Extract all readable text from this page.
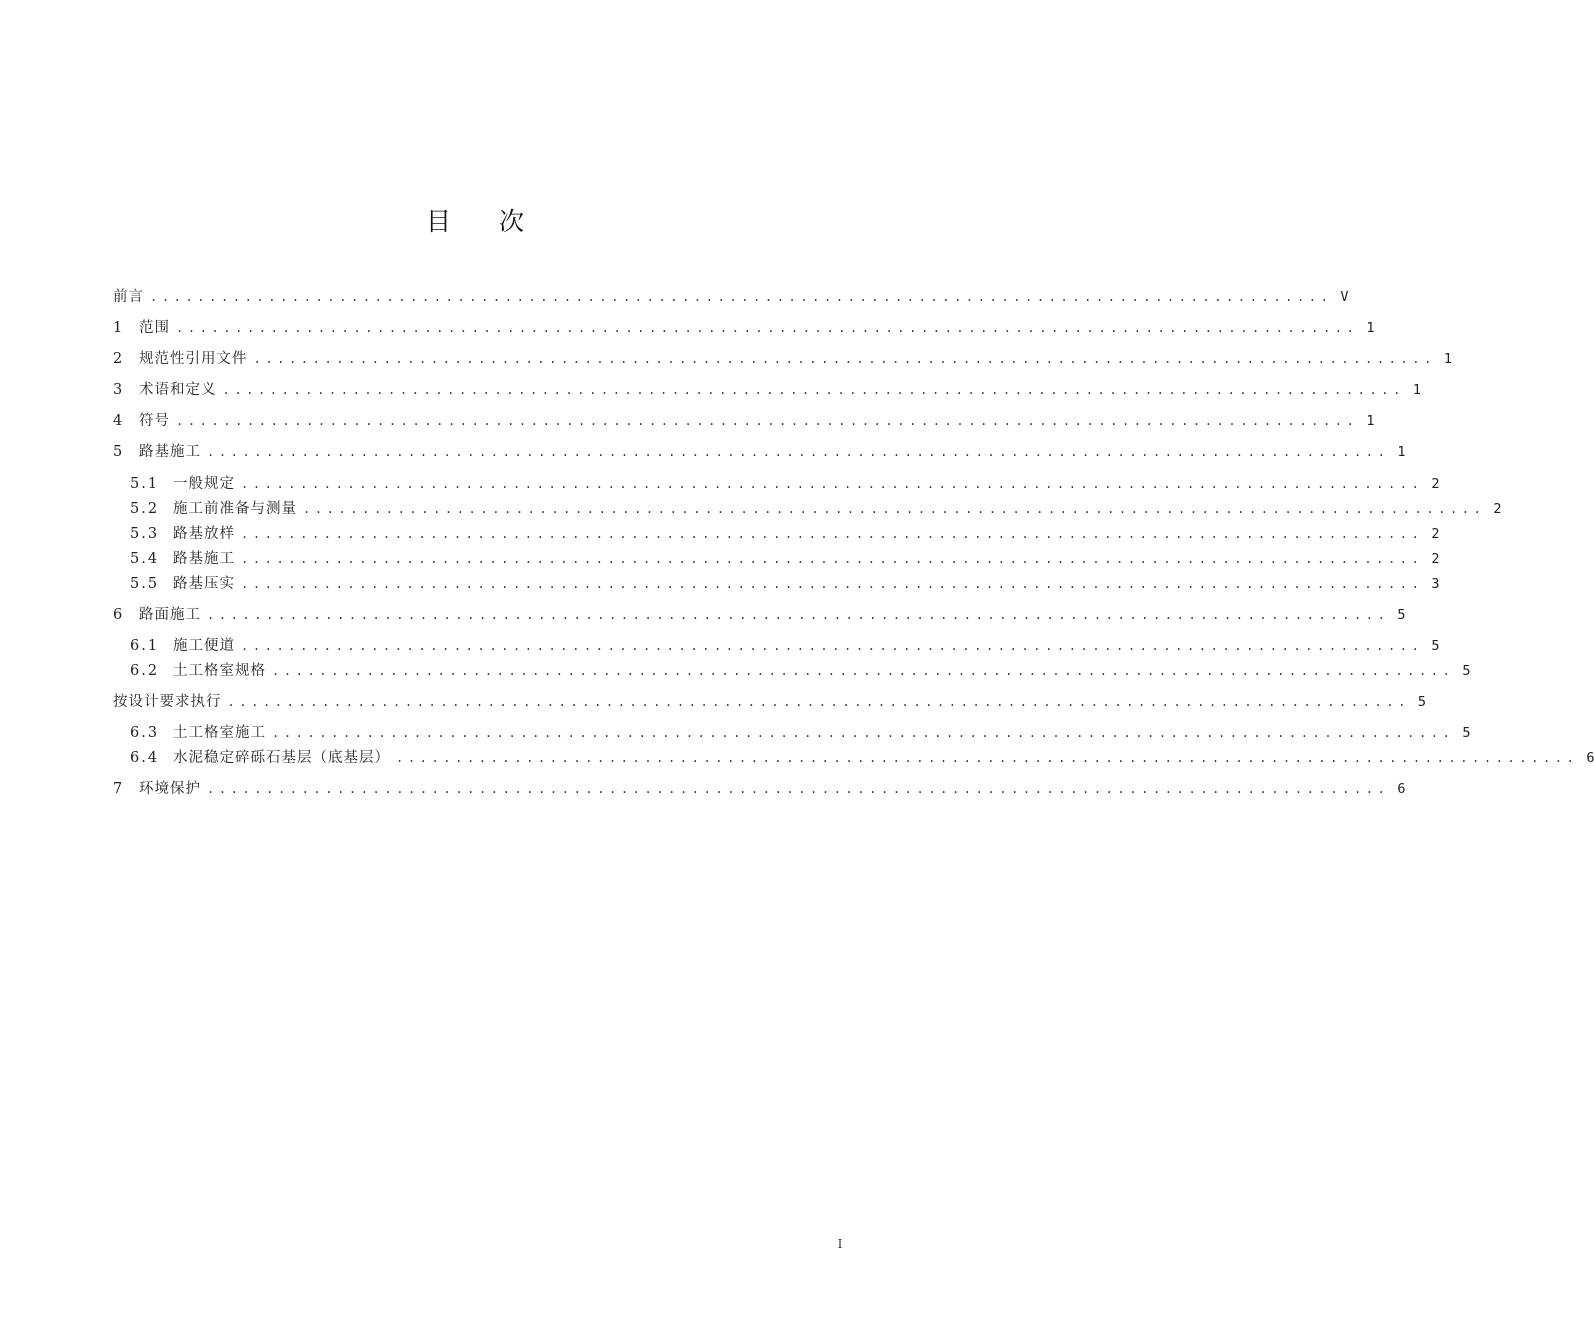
目次
前言 .................................................................................................... V
1	范围 .................................................................................................... 1
2	规范性引用文件 .................................................................................................... 1
3	术语和定义 .................................................................................................... 1
4	符号 .................................................................................................... 1
5	路基施工 .................................................................................................... 1
5.1 一般规定 .................................................................................................... 2
5.2 施工前准备与测量 .................................................................................................... 2
5.3 路基放样 .................................................................................................... 2
5.4 路基施工 .................................................................................................... 2
5.5 路基压实 .................................................................................................... 3
6	路面施工 .................................................................................................... 5
6.1 施工便道 .................................................................................................... 5
6.2 土工格室规格 .................................................................................................... 5
按设计要求执行 .................................................................................................... 5
6.3 土工格室施工 .................................................................................................... 5
6.4 水泥稳定碎砾石基层（底基层） .................................................................................................... 6
7	环境保护 .................................................................................................... 6
I
